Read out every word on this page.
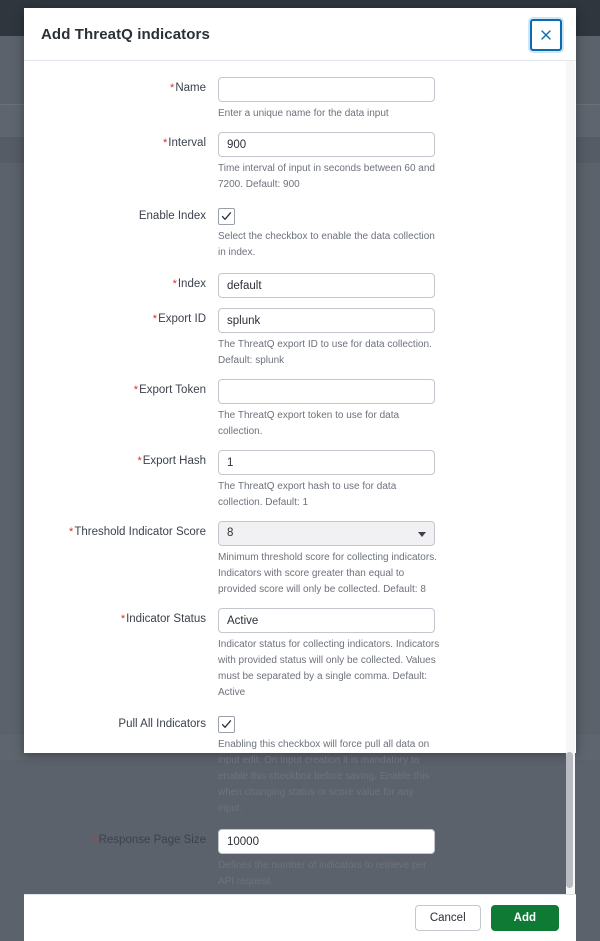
Add ThreatQ indicators
*Name
Enter a unique name for the data input
*Interval
900
Time interval of input in seconds between 60 and 7200. Default: 900
Enable Index
Select the checkbox to enable the data collection in index.
*Index
default
*Export ID
splunk
The ThreatQ export ID to use for data collection. Default: splunk
*Export Token
The ThreatQ export token to use for data collection.
*Export Hash
1
The ThreatQ export hash to use for data collection. Default: 1
*Threshold Indicator Score	8
Minimum threshold score for collecting indicators. Indicators with score greater than equal to provided score will only be collected. Default: 8
*Indicator Status
Active
Indicator status for collecting indicators. Indicators with provided status will only be collected. Values must be separated by a single comma. Default: Active
Pull All Indicators
Enabling this checkbox will force pull all data on input edit. On input creation it is mandatory to enable this checkbox before saving. Enable this when changing status or score value for any input.
*Response Page Size
10000
Defines the number of indicators to retrieve per API request.
Cancel	Add
